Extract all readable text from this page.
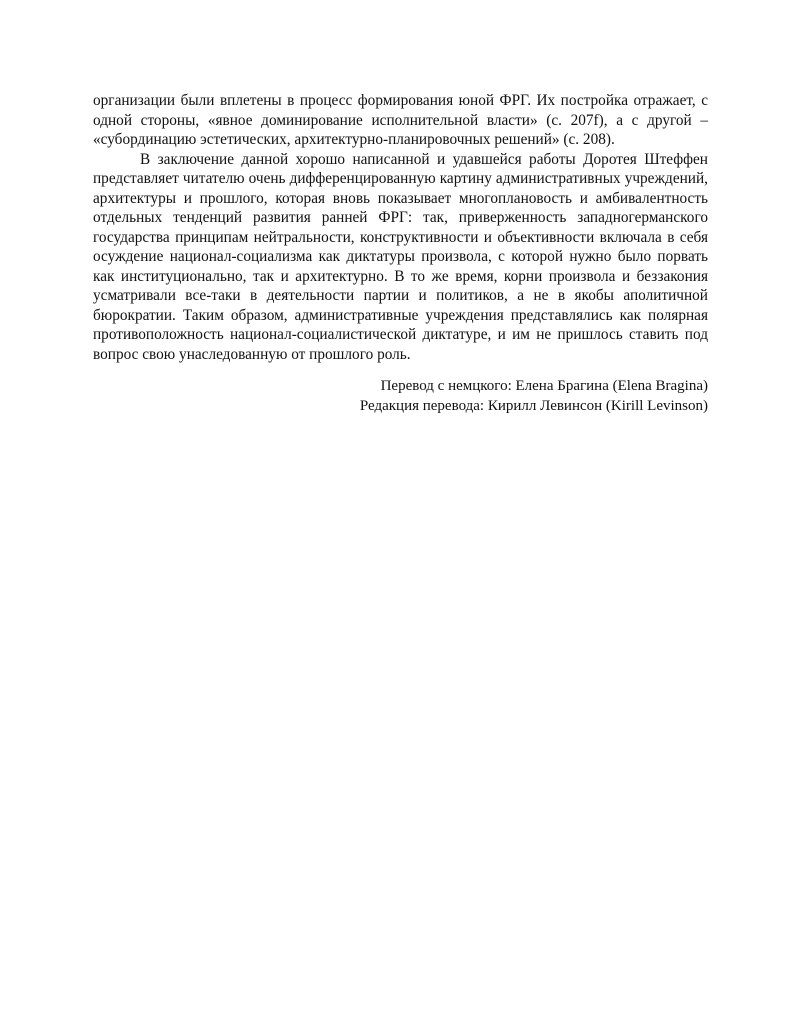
организации были вплетены в процесс формирования юной ФРГ. Их постройка отражает, с одной стороны, «явное доминирование исполнительной власти» (с. 207f), а с другой – «субординацию эстетических, архитектурно-планировочных решений» (с. 208).

В заключение данной хорошо написанной и удавшейся работы Доротея Штеффен представляет читателю очень дифференцированную картину административных учреждений, архитектуры и прошлого, которая вновь показывает многоплановость и амбивалентность отдельных тенденций развития ранней ФРГ: так, приверженность западногерманского государства принципам нейтральности, конструктивности и объективности включала в себя осуждение национал-социализма как диктатуры произвола, с которой нужно было порвать как институционально, так и архитектурно. В то же время, корни произвола и беззакония усматривали все-таки в деятельности партии и политиков, а не в якобы аполитичной бюрократии. Таким образом, административные учреждения представлялись как полярная противоположность национал-социалистической диктатуре, и им не пришлось ставить под вопрос свою унаследованную от прошлого роль.

Перевод с немцкого: Елена Брагина (Elena Bragina)
Редакция перевода: Кирилл Левинсон (Kirill Levinson)
